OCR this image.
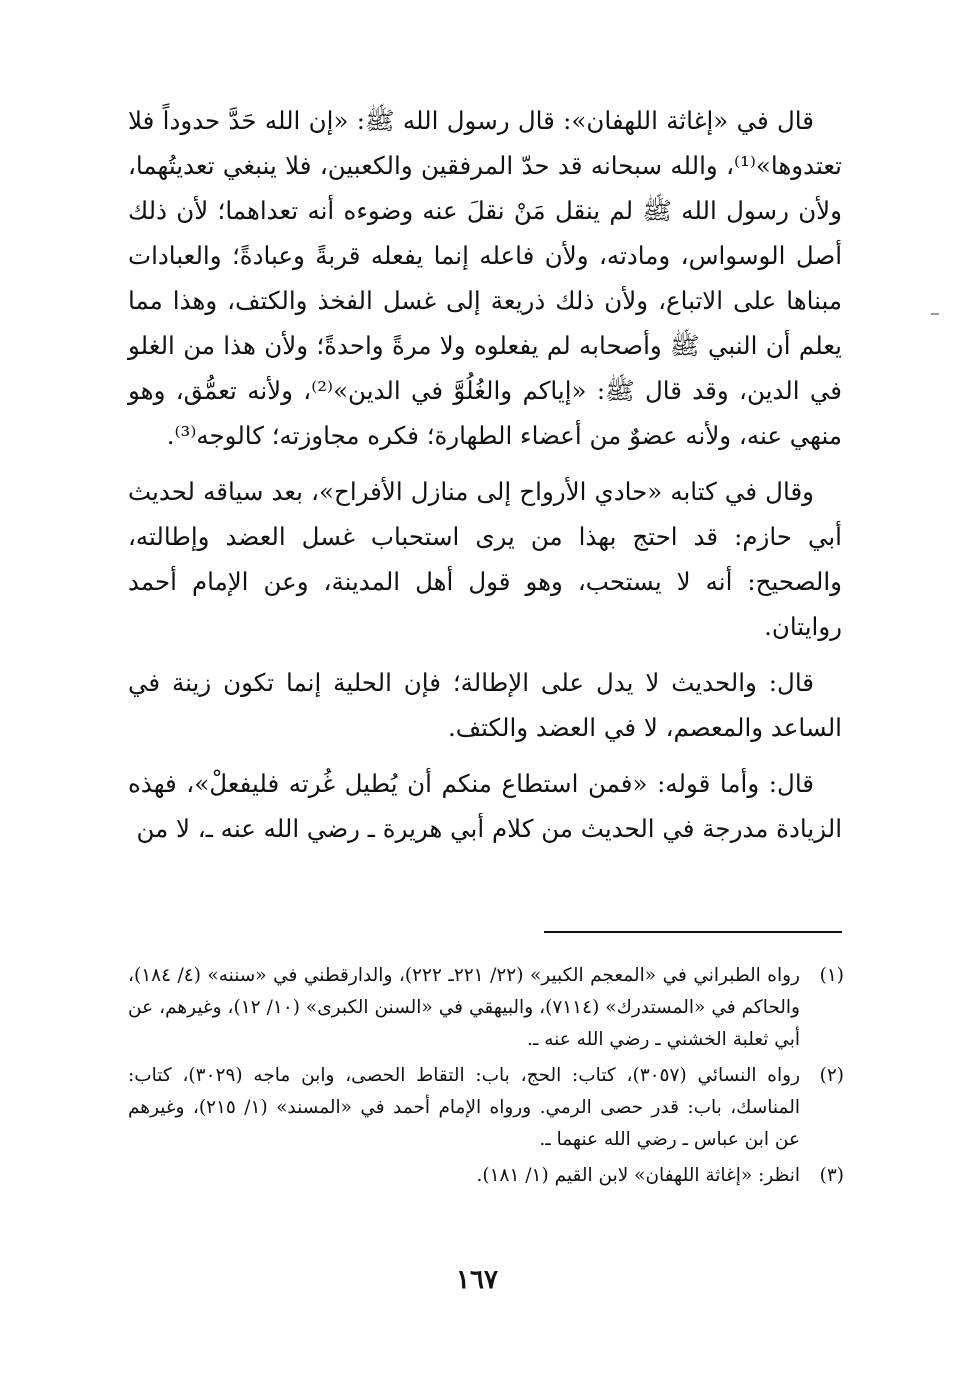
قال في «إغاثة اللهفان»: قال رسول الله ﷺ: «إن الله حَدَّ حدوداً فلا تعتدوها»⁽¹⁾، والله سبحانه قد حدّ المرفقين والكعبين، فلا ينبغي تعديتُهما، ولأن رسول الله ﷺ لم ينقل مَنْ نقلَ عنه وضوءه أنه تعداهما؛ لأن ذلك أصل الوسواس، ومادته، ولأن فاعله إنما يفعله قربةً وعبادةً؛ والعبادات مبناها على الاتباع، ولأن ذلك ذريعة إلى غسل الفخذ والكتف، وهذا مما يعلم أن النبي ﷺ وأصحابه لم يفعلوه ولا مرةً واحدةً؛ ولأن هذا من الغلو في الدين، وقد قال ﷺ: «إياكم والغُلُوَّ في الدين»⁽²⁾، ولأنه تعمُّق، وهو منهي عنه، ولأنه عضوٌ من أعضاء الطهارة؛ فكره مجاوزته؛ كالوجه⁽³⁾.

وقال في كتابه «حادي الأرواح إلى منازل الأفراح»، بعد سياقه لحديث أبي حازم: قد احتج بهذا من يرى استحباب غسل العضد وإطالته، والصحيح: أنه لا يستحب، وهو قول أهل المدينة، وعن الإمام أحمد روايتان.

قال: والحديث لا يدل على الإطالة؛ فإن الحلية إنما تكون زينة في الساعد والمعصم، لا في العضد والكتف.

قال: وأما قوله: «فمن استطاع منكم أن يُطيل غُرته فليفعلْ»، فهذه الزيادة مدرجة في الحديث من كلام أبي هريرة ـ رضي الله عنه ـ، لا من

(١)
رواه الطبراني في «المعجم الكبير» (٢٢/ ٢٢١ـ ٢٢٢)، والدارقطني في «سننه» (٤/ ١٨٤)، والحاكم في «المستدرك» (٧١١٤)، والبيهقي في «السنن الكبرى» (١٠/ ١٢)، وغيرهم، عن أبي ثعلبة الخشني ـ رضي الله عنه ـ.
(٢)
رواه النسائي (٣٠٥٧)، كتاب: الحج، باب: التقاط الحصى، وابن ماجه (٣٠٢٩)، كتاب: المناسك، باب: قدر حصى الرمي. ورواه الإمام أحمد في «المسند» (١/ ٢١٥)، وغيرهم عن ابن عباس ـ رضي الله عنهما ـ.
(٣)
انظر: «إغاثة اللهفان» لابن القيم (١/ ١٨١).
١٦٧
